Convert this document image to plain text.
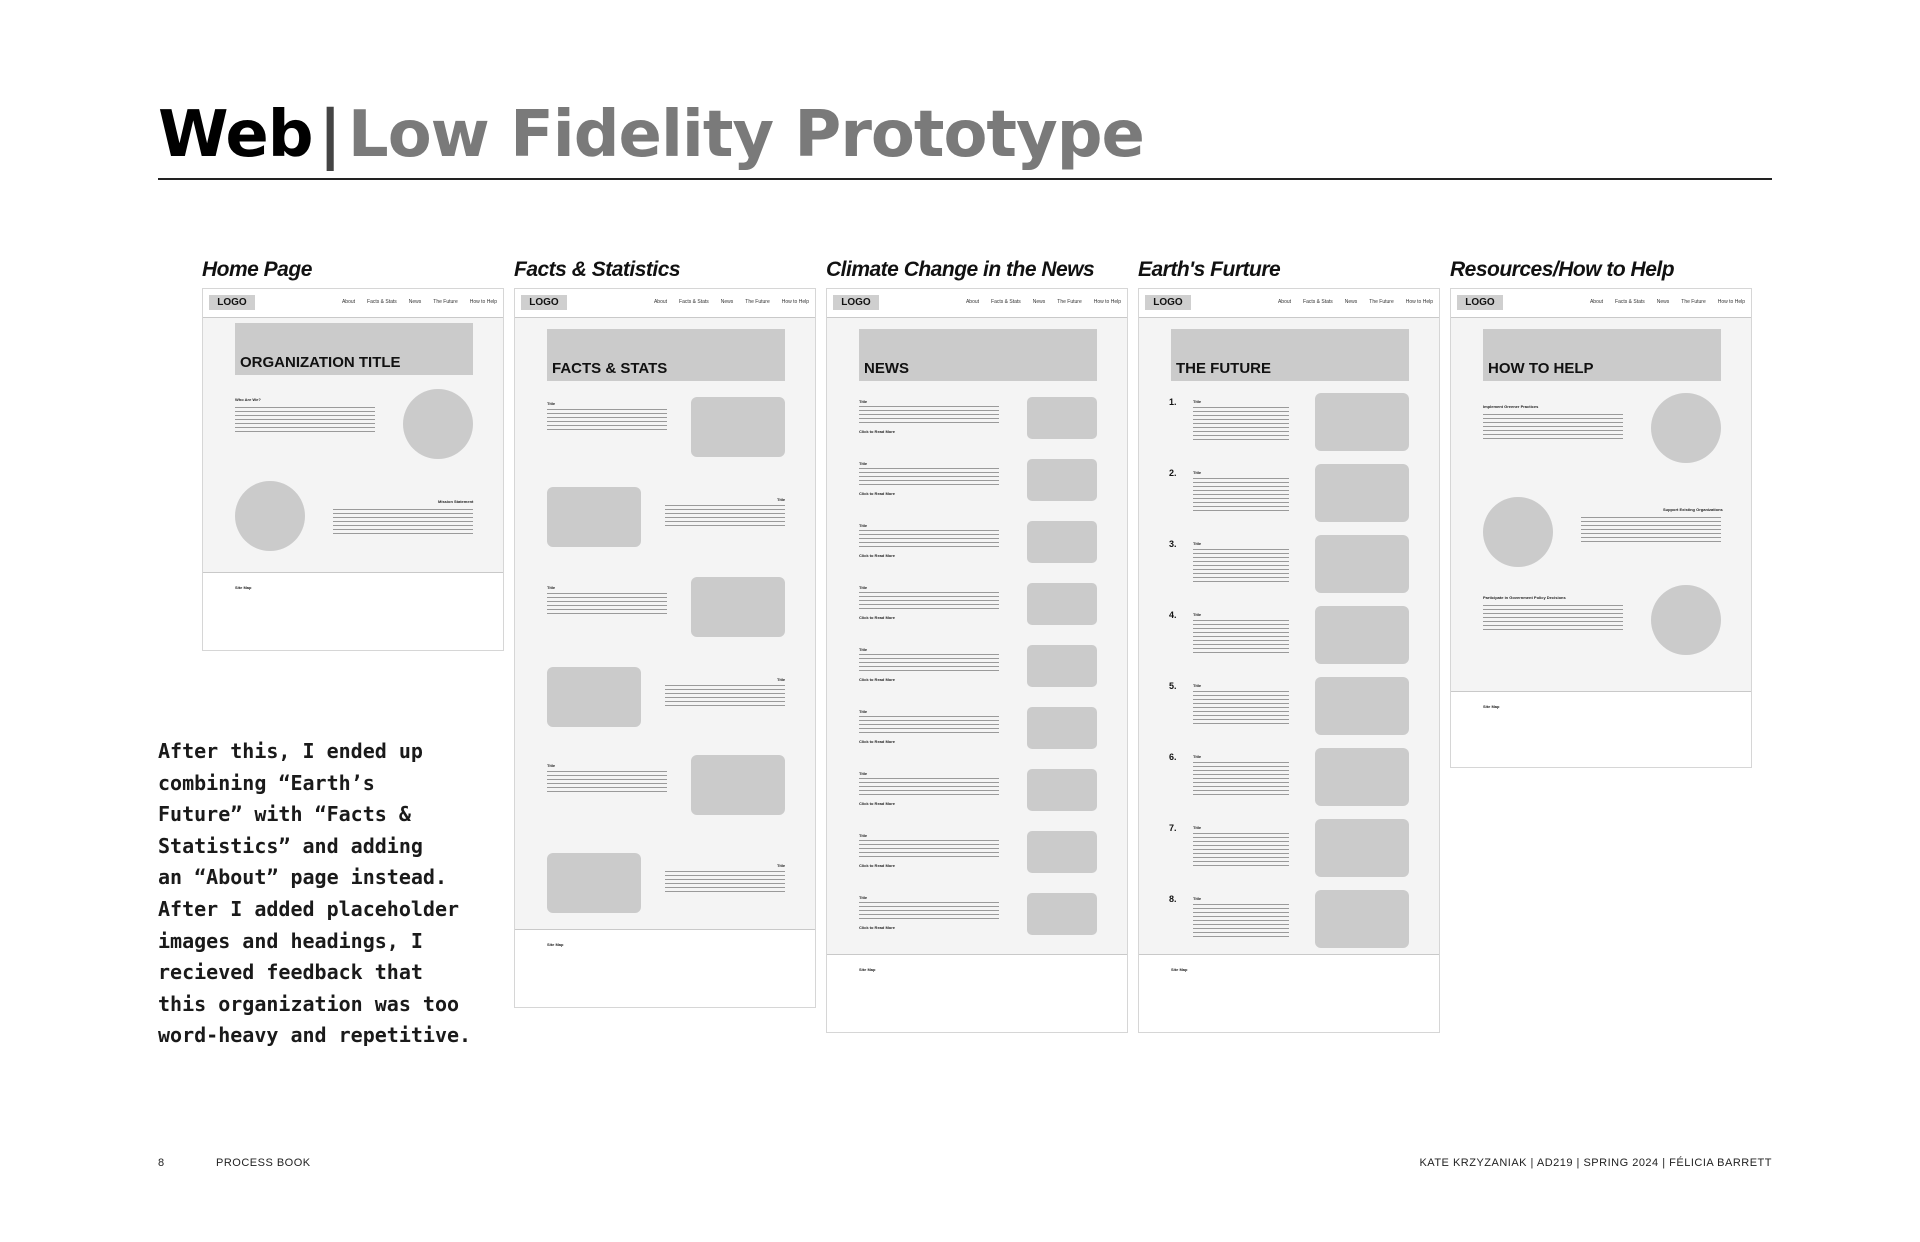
Web|Low Fidelity Prototype
Home Page
LOGO	About Facts & Stats News The Future How to Help
ORGANIZATION TITLE
Who Are We?
Mission Statement
Site Map
Facts & Statistics
LOGO	About Facts & Stats News The Future How to Help
FACTS & STATS
Title
Title
Title
Title
Title
Title
Site Map
Climate Change in the News
LOGO	About Facts & Stats News The Future How to Help
NEWS
Title
Click to Read More
Title
Click to Read More
Title
Click to Read More
Title
Click to Read More
Title
Click to Read More
Title
Click to Read More
Title
Click to Read More
Title
Click to Read More
Title
Click to Read More
Site Map
Earth's Furture
LOGO	About Facts & Stats News The Future How to Help
THE FUTURE
1.	Title
2.	Title
3.	Title
4.	Title
5.	Title
6.	Title
7.	Title
8.	Title
Site Map
Resources/How to Help
LOGO	About Facts & Stats News The Future How to Help
HOW TO HELP
Implement Greener Practices
Support Existing Organizations
Participate in Government Policy Decisions
Site Map
After this, I ended up
combining “Earth’s
Future” with “Facts &
Statistics” and adding
an “About” page instead.
After I added placeholder
images and headings, I
recieved feedback that
this organization was too
word-heavy and repetitive.
8	PROCESS BOOK	KATE KRZYZANIAK | AD219 | SPRING 2024 | FÉLICIA BARRETT
